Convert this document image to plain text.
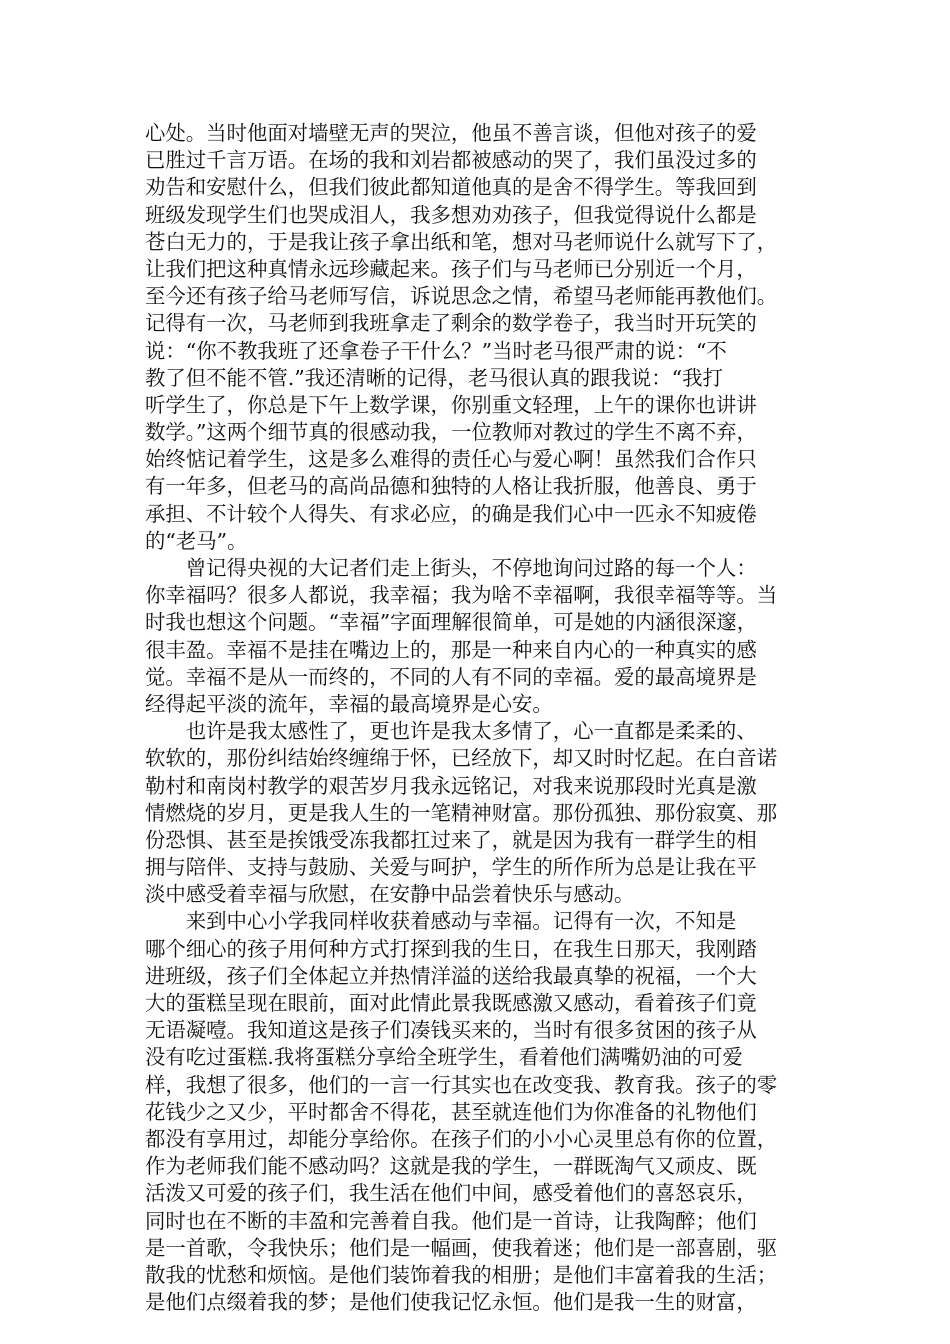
心处。当时他面对墙壁无声的哭泣，他虽不善言谈，但他对孩子的爱
已胜过千言万语。在场的我和刘岩都被感动的哭了，我们虽没过多的
劝告和安慰什么，但我们彼此都知道他真的是舍不得学生。等我回到
班级发现学生们也哭成泪人，我多想劝劝孩子，但我觉得说什么都是
苍白无力的，于是我让孩子拿出纸和笔，想对马老师说什么就写下了，
让我们把这种真情永远珍藏起来。孩子们与马老师已分别近一个月，
至今还有孩子给马老师写信，诉说思念之情，希望马老师能再教他们。
记得有一次，马老师到我班拿走了剩余的数学卷子，我当时开玩笑的
说：“你不教我班了还拿卷子干什么？”当时老马很严肃的说：“不
教了但不能不管.”我还清晰的记得，老马很认真的跟我说：“我打
听学生了，你总是下午上数学课，你别重文轻理，上午的课你也讲讲
数学。”这两个细节真的很感动我，一位教师对教过的学生不离不弃，
始终惦记着学生，这是多么难得的责任心与爱心啊！虽然我们合作只
有一年多，但老马的高尚品德和独特的人格让我折服，他善良、勇于
承担、不计较个人得失、有求必应，的确是我们心中一匹永不知疲倦
的“老马”。
　　曾记得央视的大记者们走上街头，不停地询问过路的每一个人：
你幸福吗？很多人都说，我幸福；我为啥不幸福啊，我很幸福等等。当
时我也想这个问题。“幸福”字面理解很简单，可是她的内涵很深邃，
很丰盈。幸福不是挂在嘴边上的，那是一种来自内心的一种真实的感
觉。幸福不是从一而终的，不同的人有不同的幸福。爱的最高境界是
经得起平淡的流年，幸福的最高境界是心安。
　　也许是我太感性了，更也许是我太多情了，心一直都是柔柔的、
软软的，那份纠结始终缠绵于怀，已经放下，却又时时忆起。在白音诺
勒村和南岗村教学的艰苦岁月我永远铭记，对我来说那段时光真是激
情燃烧的岁月，更是我人生的一笔精神财富。那份孤独、那份寂寞、那
份恐惧、甚至是挨饿受冻我都扛过来了，就是因为我有一群学生的相
拥与陪伴、支持与鼓励、关爱与呵护，学生的所作所为总是让我在平
淡中感受着幸福与欣慰，在安静中品尝着快乐与感动。
　　来到中心小学我同样收获着感动与幸福。记得有一次，不知是
哪个细心的孩子用何种方式打探到我的生日，在我生日那天，我刚踏
进班级，孩子们全体起立并热情洋溢的送给我最真挚的祝福，一个大
大的蛋糕呈现在眼前，面对此情此景我既感激又感动，看着孩子们竟
无语凝噎。我知道这是孩子们凑钱买来的，当时有很多贫困的孩子从
没有吃过蛋糕.我将蛋糕分享给全班学生，看着他们满嘴奶油的可爱
样，我想了很多，他们的一言一行其实也在改变我、教育我。孩子的零
花钱少之又少，平时都舍不得花，甚至就连他们为你准备的礼物他们
都没有享用过，却能分享给你。在孩子们的小小心灵里总有你的位置，
作为老师我们能不感动吗？这就是我的学生，一群既淘气又顽皮、既
活泼又可爱的孩子们，我生活在他们中间，感受着他们的喜怒哀乐，
同时也在不断的丰盈和完善着自我。他们是一首诗，让我陶醉；他们
是一首歌，令我快乐；他们是一幅画，使我着迷；他们是一部喜剧，驱
散我的忧愁和烦恼。是他们装饰着我的相册；是他们丰富着我的生活；
是他们点缀着我的梦；是他们使我记忆永恒。他们是我一生的财富，
